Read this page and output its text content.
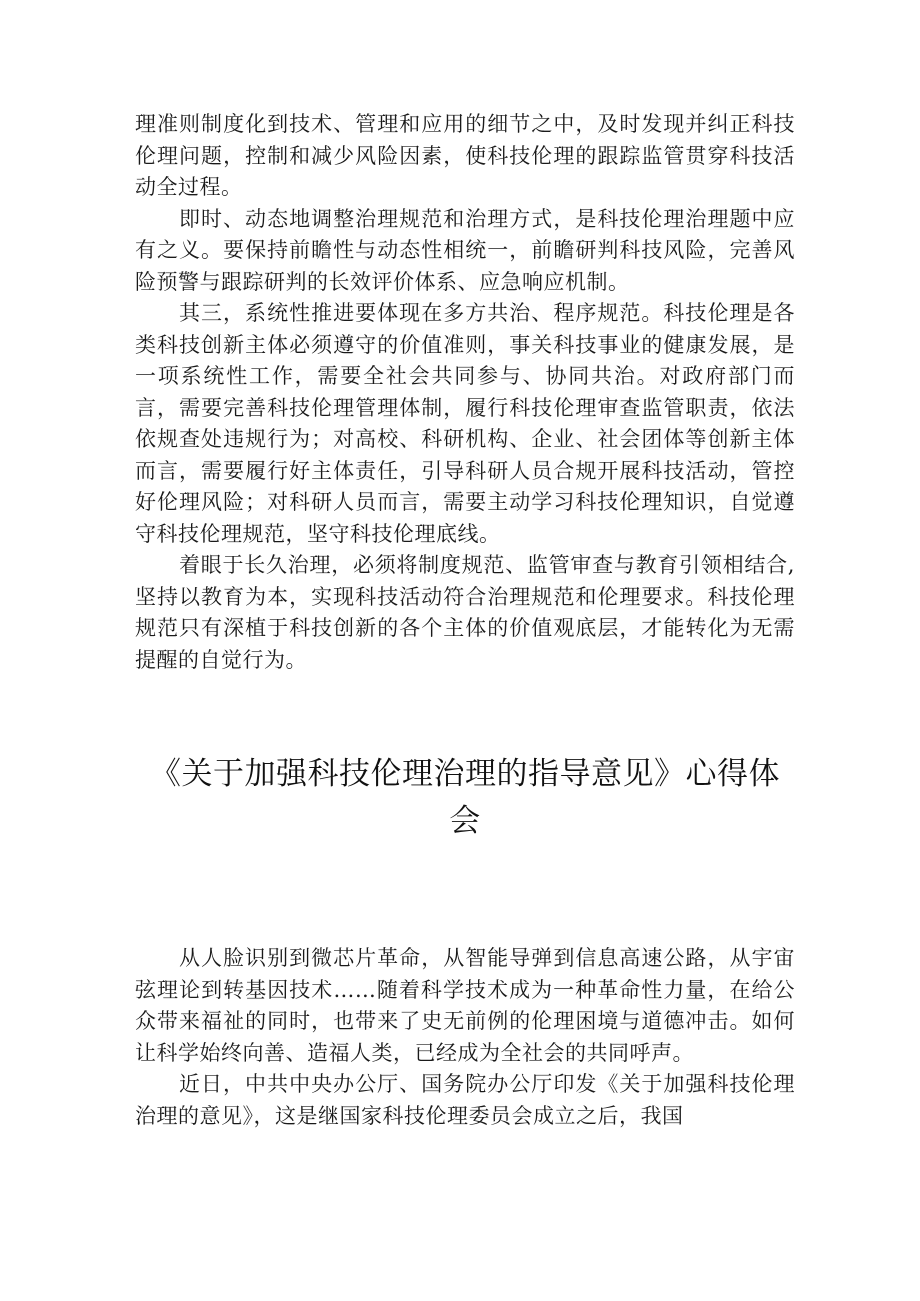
理准则制度化到技术、管理和应用的细节之中，及时发现并纠正科技伦理问题，控制和减少风险因素，使科技伦理的跟踪监管贯穿科技活动全过程。

即时、动态地调整治理规范和治理方式，是科技伦理治理题中应有之义。要保持前瞻性与动态性相统一，前瞻研判科技风险，完善风险预警与跟踪研判的长效评价体系、应急响应机制。

其三，系统性推进要体现在多方共治、程序规范。科技伦理是各类科技创新主体必须遵守的价值准则，事关科技事业的健康发展，是一项系统性工作，需要全社会共同参与、协同共治。对政府部门而言，需要完善科技伦理管理体制，履行科技伦理审查监管职责，依法依规查处违规行为；对高校、科研机构、企业、社会团体等创新主体而言，需要履行好主体责任，引导科研人员合规开展科技活动，管控好伦理风险；对科研人员而言，需要主动学习科技伦理知识，自觉遵守科技伦理规范，坚守科技伦理底线。

着眼于长久治理，必须将制度规范、监管审查与教育引领相结合,坚持以教育为本，实现科技活动符合治理规范和伦理要求。科技伦理规范只有深植于科技创新的各个主体的价值观底层，才能转化为无需提醒的自觉行为。

《关于加强科技伦理治理的指导意见》心得体会

从人脸识别到微芯片革命，从智能导弹到信息高速公路，从宇宙弦理论到转基因技术……随着科学技术成为一种革命性力量，在给公众带来福祉的同时，也带来了史无前例的伦理困境与道德冲击。如何让科学始终向善、造福人类，已经成为全社会的共同呼声。

近日，中共中央办公厅、国务院办公厅印发《关于加强科技伦理治理的意见》，这是继国家科技伦理委员会成立之后，我国
